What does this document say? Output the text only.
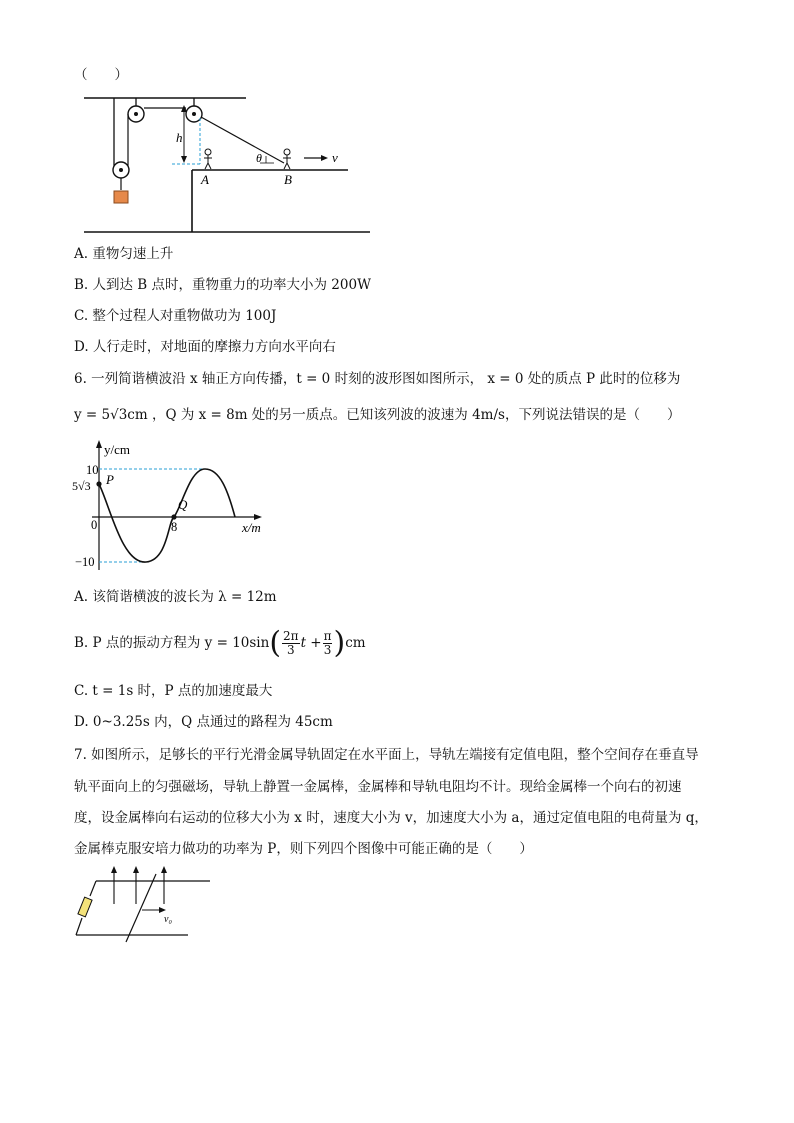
（　　）
h
A	B
θ	v
A. 重物匀速上升
B. 人到达 B 点时，重物重力的功率大小为 200W
C. 整个过程人对重物做功为 100J
D. 人行走时，对地面的摩擦力方向水平向右
6. 一列简谐横波沿 x 轴正方向传播，t = 0 时刻的波形图如图所示， x = 0 处的质点 P 此时的位移为
y = 5√3cm ，Q 为 x = 8m 处的另一质点。已知该列波的波速为 4m/s，下列说法错误的是（　　）
y/cm
x/m
10
5√3 P
0	8
Q
−10
A. 该简谐横波的波长为 λ = 12m
B. P 点的振动方程为 $y = 10\sin( \frac{2\pi}{3}$ $t + \frac{\pi}{3} )cm$
C. t = 1s 时，P 点的加速度最大
D. 0~3.25s 内，Q 点通过的路程为 45cm
7. 如图所示，足够长的平行光滑金属导轨固定在水平面上，导轨左端接有定值电阻，整个空间存在垂直导
轨平面向上的匀强磁场，导轨上静置一金属棒，金属棒和导轨电阻均不计。现给金属棒一个向右的初速
度，设金属棒向右运动的位移大小为 x 时，速度大小为 v，加速度大小为 a，通过定值电阻的电荷量为 q，
金属棒克服安培力做功的功率为 P，则下列四个图像中可能正确的是（　　）
v₀
